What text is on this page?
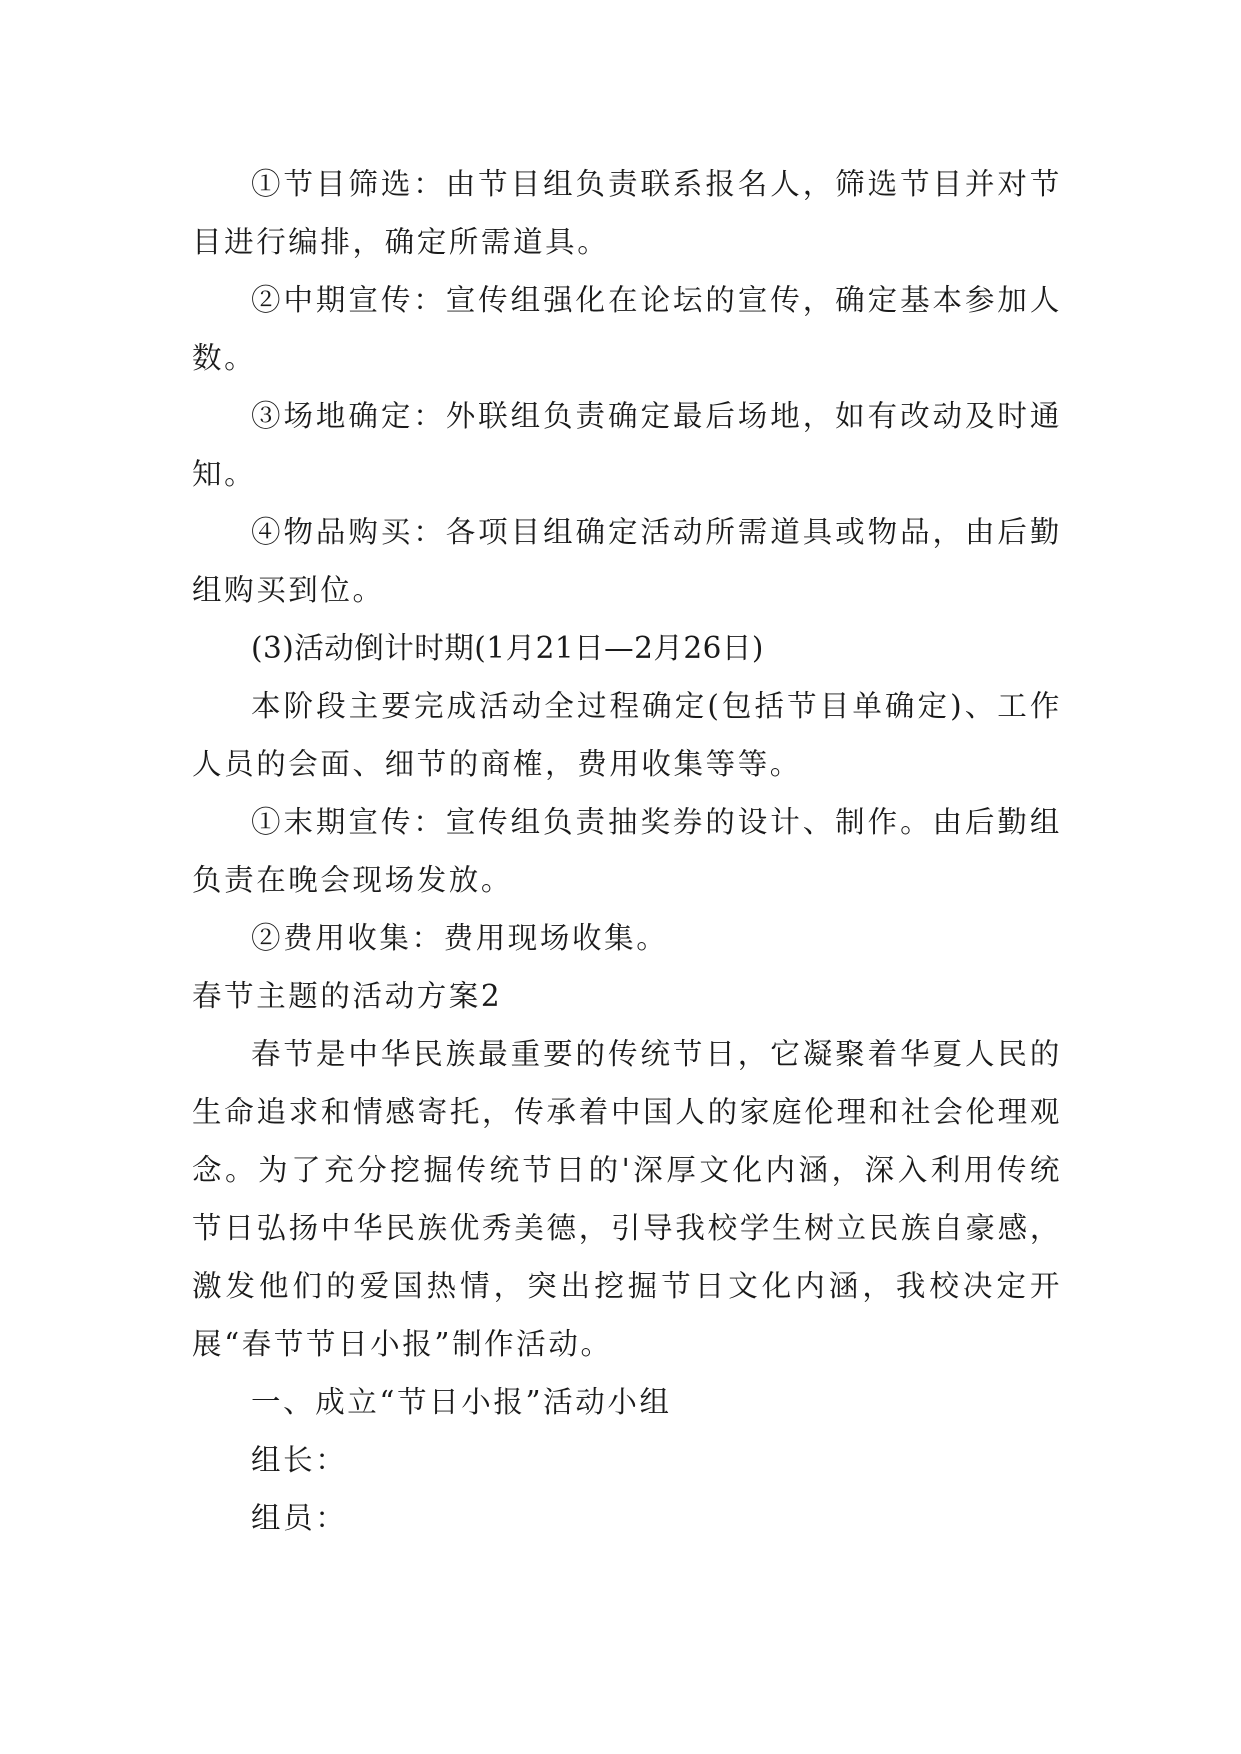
①节目筛选：由节目组负责联系报名人，筛选节目并对节目进行编排，确定所需道具。

②中期宣传：宣传组强化在论坛的宣传，确定基本参加人数。

③场地确定：外联组负责确定最后场地，如有改动及时通知。

④物品购买：各项目组确定活动所需道具或物品，由后勤组购买到位。

(3)活动倒计时期(1月21日—2月26日)

本阶段主要完成活动全过程确定(包括节目单确定)、工作人员的会面、细节的商榷，费用收集等等。

①末期宣传：宣传组负责抽奖券的设计、制作。由后勤组负责在晚会现场发放。

②费用收集：费用现场收集。

春节主题的活动方案2

春节是中华民族最重要的传统节日，它凝聚着华夏人民的生命追求和情感寄托，传承着中国人的家庭伦理和社会伦理观念。为了充分挖掘传统节日的'深厚文化内涵，深入利用传统节日弘扬中华民族优秀美德，引导我校学生树立民族自豪感，激发他们的爱国热情，突出挖掘节日文化内涵，我校决定开展“春节节日小报”制作活动。

一、成立“节日小报”活动小组

组长：

组员：
